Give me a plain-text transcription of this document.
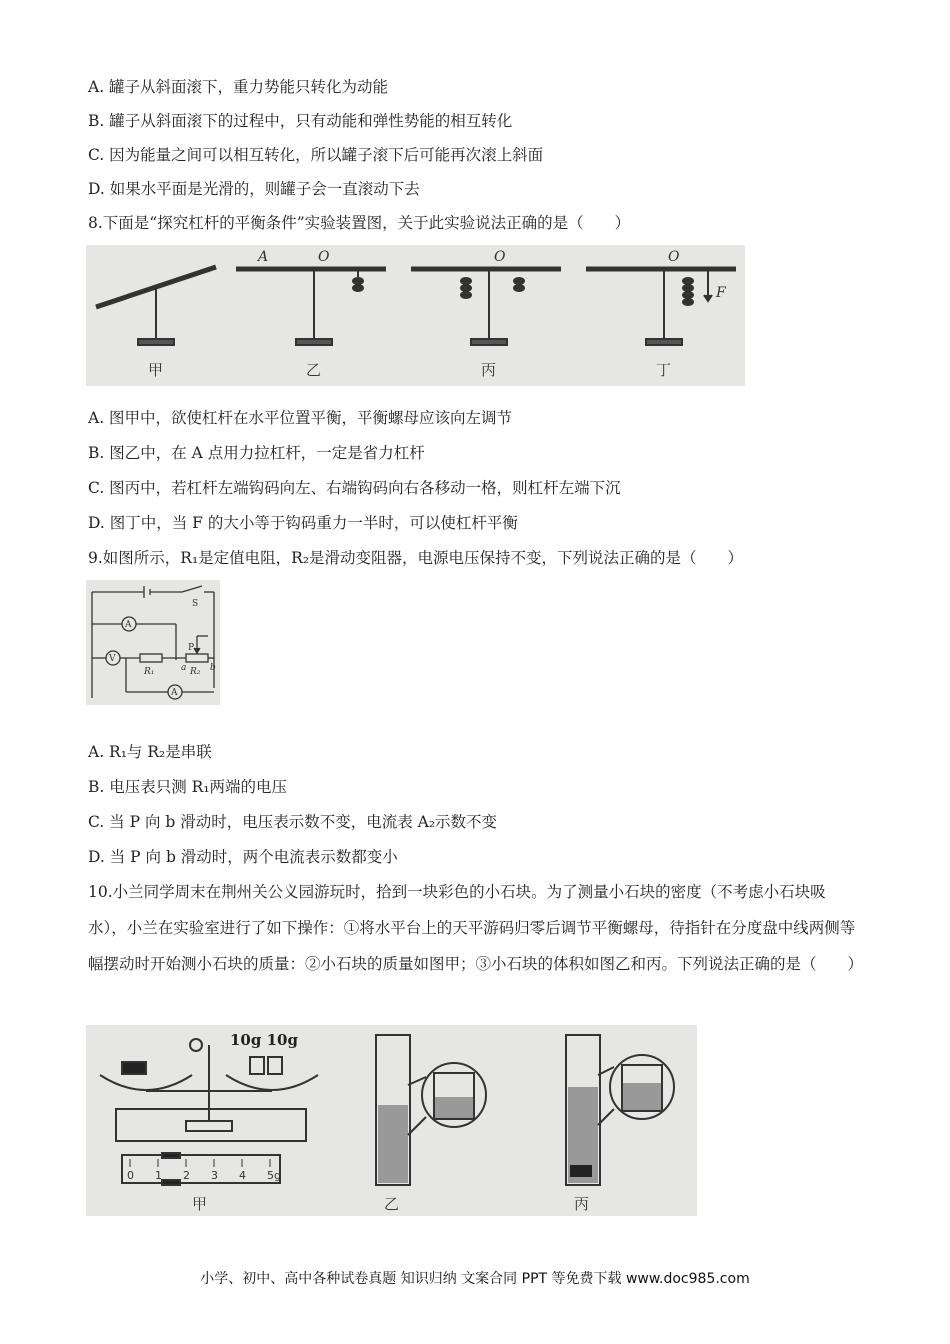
A. 罐子从斜面滚下，重力势能只转化为动能
B. 罐子从斜面滚下的过程中，只有动能和弹性势能的相互转化
C. 因为能量之间可以相互转化，所以罐子滚下后可能再次滚上斜面
D. 如果水平面是光滑的，则罐子会一直滚动下去
8.下面是“探究杠杆的平衡条件”实验装置图，关于此实验说法正确的是（　　）
A	O	O	O
F
甲	乙	丙	丁
A. 图甲中，欲使杠杆在水平位置平衡，平衡螺母应该向左调节
B. 图乙中，在 A 点用力拉杠杆，一定是省力杠杆
C. 图丙中，若杠杆左端钩码向左、右端钩码向右各移动一格，则杠杆左端下沉
D. 图丁中，当 F 的大小等于钩码重力一半时，可以使杠杆平衡
9.如图所示，R₁是定值电阻，R₂是滑动变阻器，电源电压保持不变，下列说法正确的是（　　）
S
A
V
P
R₁	a R₂ b
A
A. R₁与 R₂是串联
B. 电压表只测 R₁两端的电压
C. 当 P 向 b 滑动时，电压表示数不变，电流表 A₂示数不变
D. 当 P 向 b 滑动时，两个电流表示数都变小
10.小兰同学周末在荆州关公义园游玩时，拾到一块彩色的小石块。为了测量小石块的密度（不考虑小石块吸水），小兰在实验室进行了如下操作：①将水平台上的天平游码归零后调节平衡螺母，待指针在分度盘中线两侧等幅摆动时开始测小石块的质量：②小石块的质量如图甲；③小石块的体积如图乙和丙。下列说法正确的是（　　）
0 1 2 3 4 5g
10g 10g
甲	乙	丙
小学、初中、高中各种试卷真题 知识归纳 文案合同 PPT 等免费下载 www.doc985.com
